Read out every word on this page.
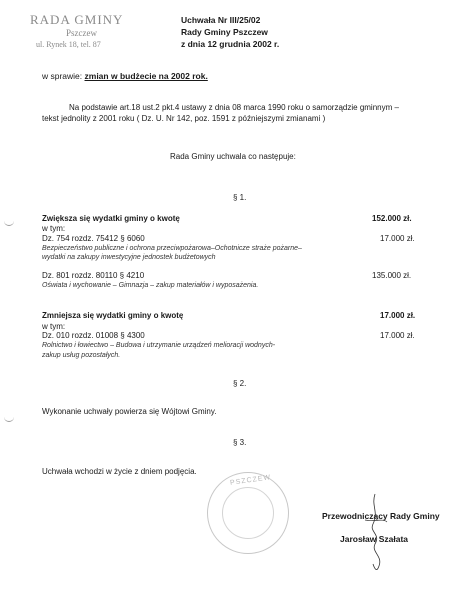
RADA GMINY
Pszczew
ul. Rynek 18, tel. 87
Uchwała Nr III/25/02
Rady Gminy Pszczew
z dnia 12 grudnia 2002 r.
w sprawie: zmian w budżecie na 2002 rok.
Na podstawie art.18 ust.2 pkt.4 ustawy z dnia 08 marca 1990 roku o samorządzie gminnym –
tekst jednolity z 2001 roku ( Dz. U. Nr 142, poz. 1591 z późniejszymi zmianami )
Rada Gminy uchwala co następuje:
§ 1.
Zwiększa się wydatki gminy o kwotę	152.000 zł.
w tym:
Dz. 754 rozdz. 75412 § 6060	17.000 zł.
Bezpieczeństwo publiczne i ochrona przeciwpożarowa–Ochotnicze straże pożarne–
wydatki na zakupy inwestycyjne jednostek budżetowych
Dz. 801 rozdz. 80110 § 4210	135.000 zł.
Oświata i wychowanie – Gimnazja – zakup materiałów i wyposażenia.
Zmniejsza się wydatki gminy o kwotę	17.000 zł.
w tym:
Dz. 010 rozdz. 01008 § 4300	17.000 zł.
Rolnictwo i łowiectwo – Budowa i utrzymanie urządzeń melioracji wodnych-
zakup usług pozostałych.
§ 2.
Wykonanie uchwały powierza się Wójtowi Gminy.
§ 3.
Uchwała wchodzi w życie z dniem podjęcia.
PSZCZEW
Przewodniczący Rady Gminy
Jarosław Szałata
